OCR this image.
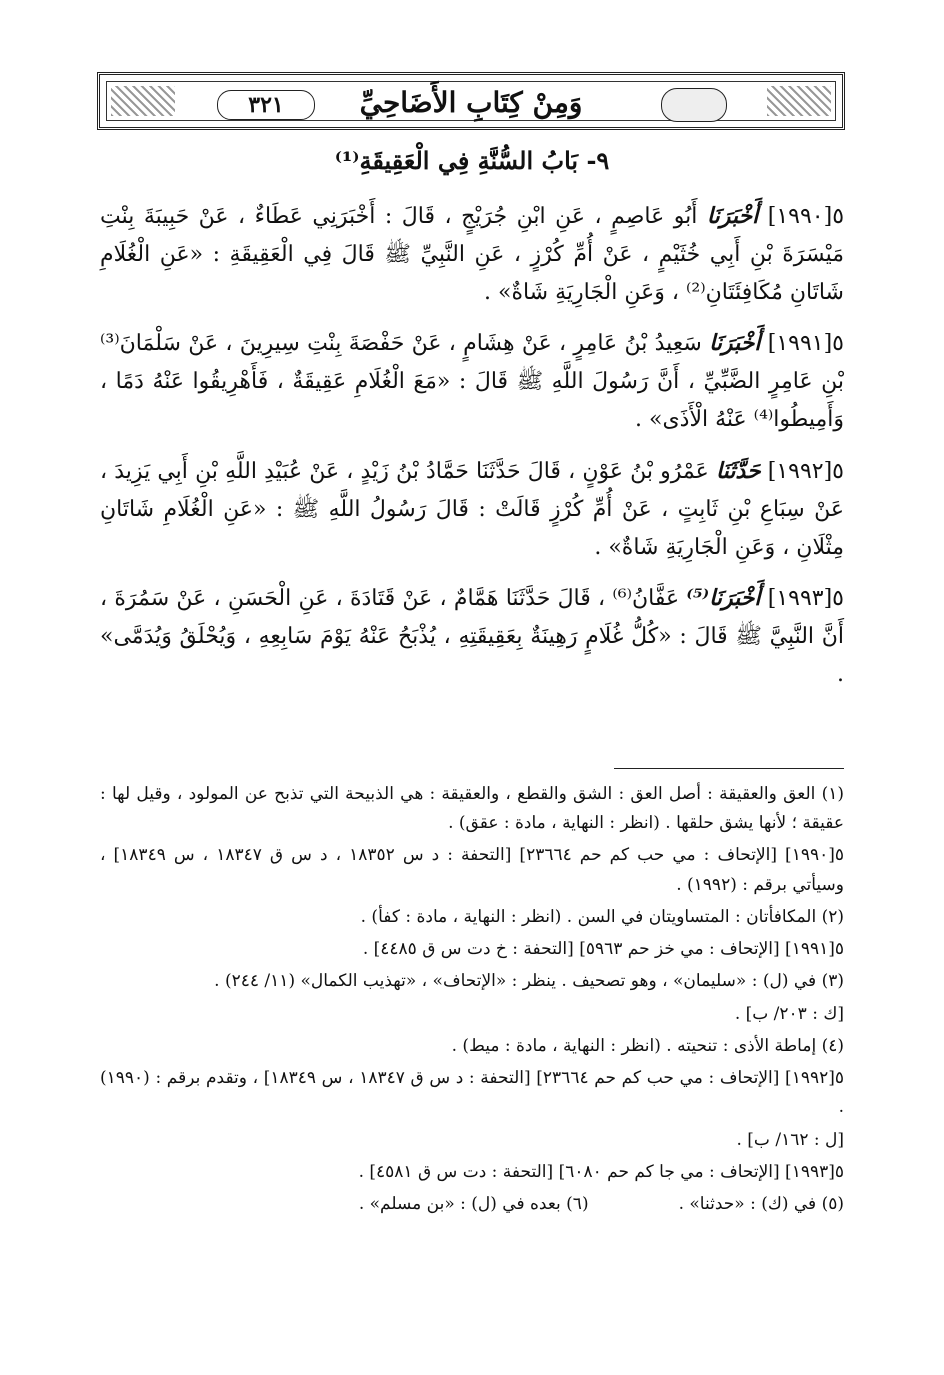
وَمِنْ كِتَابِ الأَضَاحِيِّ
٣٢١
٩- بَابُ السُّنَّةِ فِي الْعَقِيقَةِ⁽¹⁾

٥[١٩٩٠] أَخْبَرَنَا أَبُو عَاصِمٍ ، عَنِ ابْنِ جُرَيْجٍ ، قَالَ : أَخْبَرَنِي عَطَاءٌ ، عَنْ حَبِيبَةَ بِنْتِ مَيْسَرَةَ بْنِ أَبِي خُثَيْمٍ ، عَنْ أُمِّ كُرْزٍ ، عَنِ النَّبِيِّ ﷺ قَالَ فِي الْعَقِيقَةِ : «عَنِ الْغُلَامِ شَاتَانِ مُكَافِئَتَانِ⁽²⁾ ، وَعَنِ الْجَارِيَةِ شَاةٌ» .

٥[١٩٩١] أَخْبَرَنَا سَعِيدُ بْنُ عَامِرٍ ، عَنْ هِشَامٍ ، عَنْ حَفْصَةَ بِنْتِ سِيرِينَ ، عَنْ سَلْمَانَ⁽³⁾ بْنِ عَامِرٍ الضَّبِّيِّ ، أَنَّ رَسُولَ اللَّهِ ﷺ قَالَ : «مَعَ الْغُلَامِ عَقِيقَةٌ ، فَأَهْرِيقُوا عَنْهُ دَمًا ، وَأَمِيطُوا⁽⁴⁾ عَنْهُ الْأَذَى» .

٥[١٩٩٢] حَدَّثَنَا عَمْرُو بْنُ عَوْنٍ ، قَالَ حَدَّثَنَا حَمَّادُ بْنُ زَيْدٍ ، عَنْ عُبَيْدِ اللَّهِ بْنِ أَبِي يَزِيدَ ، عَنْ سِبَاعِ بْنِ ثَابِتٍ ، عَنْ أُمِّ كُرْزٍ قَالَتْ : قَالَ رَسُولُ اللَّهِ ﷺ : «عَنِ الْغُلَامِ شَاتَانِ مِثْلَانِ ، وَعَنِ الْجَارِيَةِ شَاةٌ» .

٥[١٩٩٣] أَخْبَرَنَا⁽⁵⁾ عَفَّانُ⁽⁶⁾ ، قَالَ حَدَّثَنَا هَمَّامٌ ، عَنْ قَتَادَةَ ، عَنِ الْحَسَنِ ، عَنْ سَمُرَةَ ، أَنَّ النَّبِيَّ ﷺ قَالَ : «كُلُّ غُلَامٍ رَهِينَةٌ بِعَقِيقَتِهِ ، يُذْبَحُ عَنْهُ يَوْمَ سَابِعِهِ ، وَيُحْلَقُ وَيُدَمَّى» .

(١) العق والعقيقة : أصل العق : الشق والقطع ، والعقيقة : هي الذبيحة التي تذبح عن المولود ، وقيل لها : عقيقة ؛ لأنها يشق حلقها . (انظر : النهاية ، مادة : عقق) .

٥[١٩٩٠] [الإتحاف : مي حب كم حم ٢٣٦٦٤] [التحفة : د س ١٨٣٥٢ ، د س ق ١٨٣٤٧ ، س ١٨٣٤٩] ، وسيأتي برقم : (١٩٩٢) .

(٢) المكافأتان : المتساويتان في السن . (انظر : النهاية ، مادة : كفأ) .

٥[١٩٩١] [الإتحاف : مي خز حم ٥٩٦٣] [التحفة : خ دت س ق ٤٤٨٥] .

(٣) في (ل) : «سليمان» ، وهو تصحيف . ينظر : «الإتحاف» ، «تهذيب الكمال» (١١/ ٢٤٤) .

[ك : ٢٠٣/ ب] .

(٤) إماطة الأذى : تنحيته . (انظر : النهاية ، مادة : ميط) .

٥[١٩٩٢] [الإتحاف : مي حب كم حم ٢٣٦٦٤] [التحفة : د س ق ١٨٣٤٧ ، س ١٨٣٤٩] ، وتقدم برقم : (١٩٩٠) .

[ل : ١٦٢/ ب] .

٥[١٩٩٣] [الإتحاف : مي جا كم حم ٦٠٨٠] [التحفة : دت س ق ٤٥٨١] .

(٥) في (ك) : «حدثنا» .
(٦) بعده في (ل) : «بن مسلم» .
